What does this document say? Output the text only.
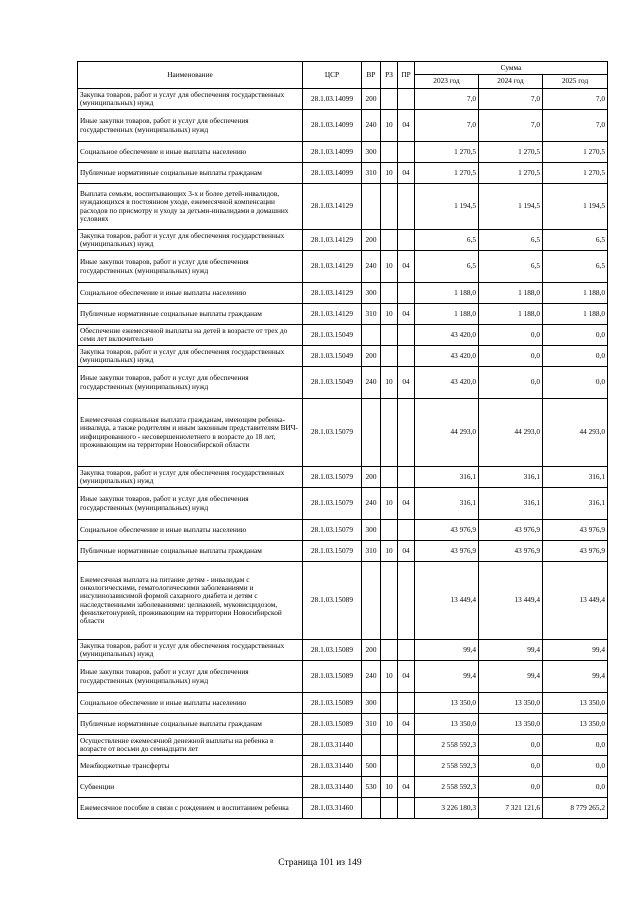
Наименование	ЦСР	ВР	РЗ	ПР	Сумма		
					2023 год	2024 год	2025 год
Закупка товаров, работ и услуг для обеспечения государственных (муниципальных) нужд	28.1.03.14099	200			7,0	7,0	7,0
Иные закупки товаров, работ и услуг для обеспечения государственных (муниципальных) нужд	28.1.03.14099	240	10	04	7,0	7,0	7,0
Социальное обеспечение и иные выплаты населению	28.1.03.14099	300			1 270,5	1 270,5	1 270,5
Публичные нормативные социальные выплаты гражданам	28.1.03.14099	310	10	04	1 270,5	1 270,5	1 270,5
Выплата семьям, воспитывающих 3-х и более детей-инвалидов, нуждающихся в постоянном уходе, ежемесячной компенсации расходов по присмотру и уходу за детьми-инвалидами в домашних условиях	28.1.03.14129				1 194,5	1 194,5	1 194,5
Закупка товаров, работ и услуг для обеспечения государственных (муниципальных) нужд	28.1.03.14129	200			6,5	6,5	6,5
Иные закупки товаров, работ и услуг для обеспечения государственных (муниципальных) нужд	28.1.03.14129	240	10	04	6,5	6,5	6,5
Социальное обеспечение и иные выплаты населению	28.1.03.14129	300			1 188,0	1 188,0	1 188,0
Публичные нормативные социальные выплаты гражданам	28.1.03.14129	310	10	04	1 188,0	1 188,0	1 188,0
Обеспечение ежемесячной выплаты на детей в возрасте от трех до семи лет включительно	28.1.03.15049				43 420,0	0,0	0,0
Закупка товаров, работ и услуг для обеспечения государственных (муниципальных) нужд	28.1.03.15049	200			43 420,0	0,0	0,0
Иные закупки товаров, работ и услуг для обеспечения государственных (муниципальных) нужд	28.1.03.15049	240	10	04	43 420,0	0,0	0,0
Ежемесячная социальная выплата гражданам, имеющим ребенка-инвалида, а также родителям и иным законным представителям ВИЧ-инфицированного - несовершеннолетнего в возрасте до 18 лет, проживающим на территории Новосибирской области	28.1.03.15079				44 293,0	44 293,0	44 293,0
Закупка товаров, работ и услуг для обеспечения государственных (муниципальных) нужд	28.1.03.15079	200			316,1	316,1	316,1
Иные закупки товаров, работ и услуг для обеспечения государственных (муниципальных) нужд	28.1.03.15079	240	10	04	316,1	316,1	316,1
Социальное обеспечение и иные выплаты населению	28.1.03.15079	300			43 976,9	43 976,9	43 976,9
Публичные нормативные социальные выплаты гражданам	28.1.03.15079	310	10	04	43 976,9	43 976,9	43 976,9
Ежемесячная выплата на питание детям - инвалидам с онкологическими, гематологическими заболеваниями и инсулинозависимой формой сахарного диабета и детям с наследственными заболеваниями: целиакией, муковисцидозом, фенилкетонурией, проживающим на территории Новосибирской области	28.1.03.15089				13 449,4	13 449,4	13 449,4
Закупка товаров, работ и услуг для обеспечения государственных (муниципальных) нужд	28.1.03.15089	200			99,4	99,4	99,4
Иные закупки товаров, работ и услуг для обеспечения государственных (муниципальных) нужд	28.1.03.15089	240	10	04	99,4	99,4	99,4
Социальное обеспечение и иные выплаты населению	28.1.03.15089	300			13 350,0	13 350,0	13 350,0
Публичные нормативные социальные выплаты гражданам	28.1.03.15089	310	10	04	13 350,0	13 350,0	13 350,0
Осуществление ежемесячной денежной выплаты на ребенка в возрасте от восьми до семнадцати лет	28.1.03.31440				2 558 592,3	0,0	0,0
Межбюджетные трансферты	28.1.03.31440	500			2 558 592,3	0,0	0,0
Субвенции	28.1.03.31440	530	10	04	2 558 592,3	0,0	0,0
Ежемесячное пособие в связи с рождением и воспитанием ребенка	28.1.03.31460				3 226 180,3	7 321 121,6	8 779 265,2
Страница 101 из 149
